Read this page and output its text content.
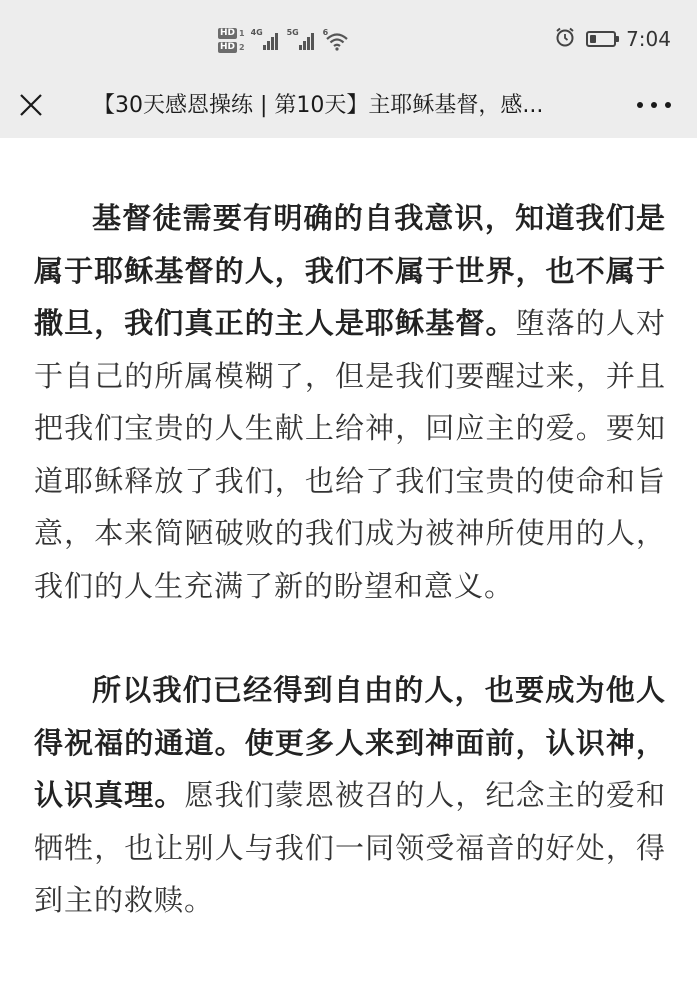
HD 1
HD 2
4G	5G	6	7:04
【30天感恩操练 | 第10天】主耶稣基督，感...

基督徒需要有明确的自我意识，知道我们是属于耶稣基督的人，我们不属于世界，也不属于撒旦，我们真正的主人是耶稣基督。堕落的人对于自己的所属模糊了，但是我们要醒过来，并且把我们宝贵的人生献上给神，回应主的爱。要知道耶稣释放了我们，也给了我们宝贵的使命和旨意，本来简陋破败的我们成为被神所使用的人，我们的人生充满了新的盼望和意义。

所以我们已经得到自由的人，也要成为他人得祝福的通道。使更多人来到神面前，认识神，认识真理。愿我们蒙恩被召的人，纪念主的爱和牺牲，也让别人与我们一同领受福音的好处，得到主的救赎。
